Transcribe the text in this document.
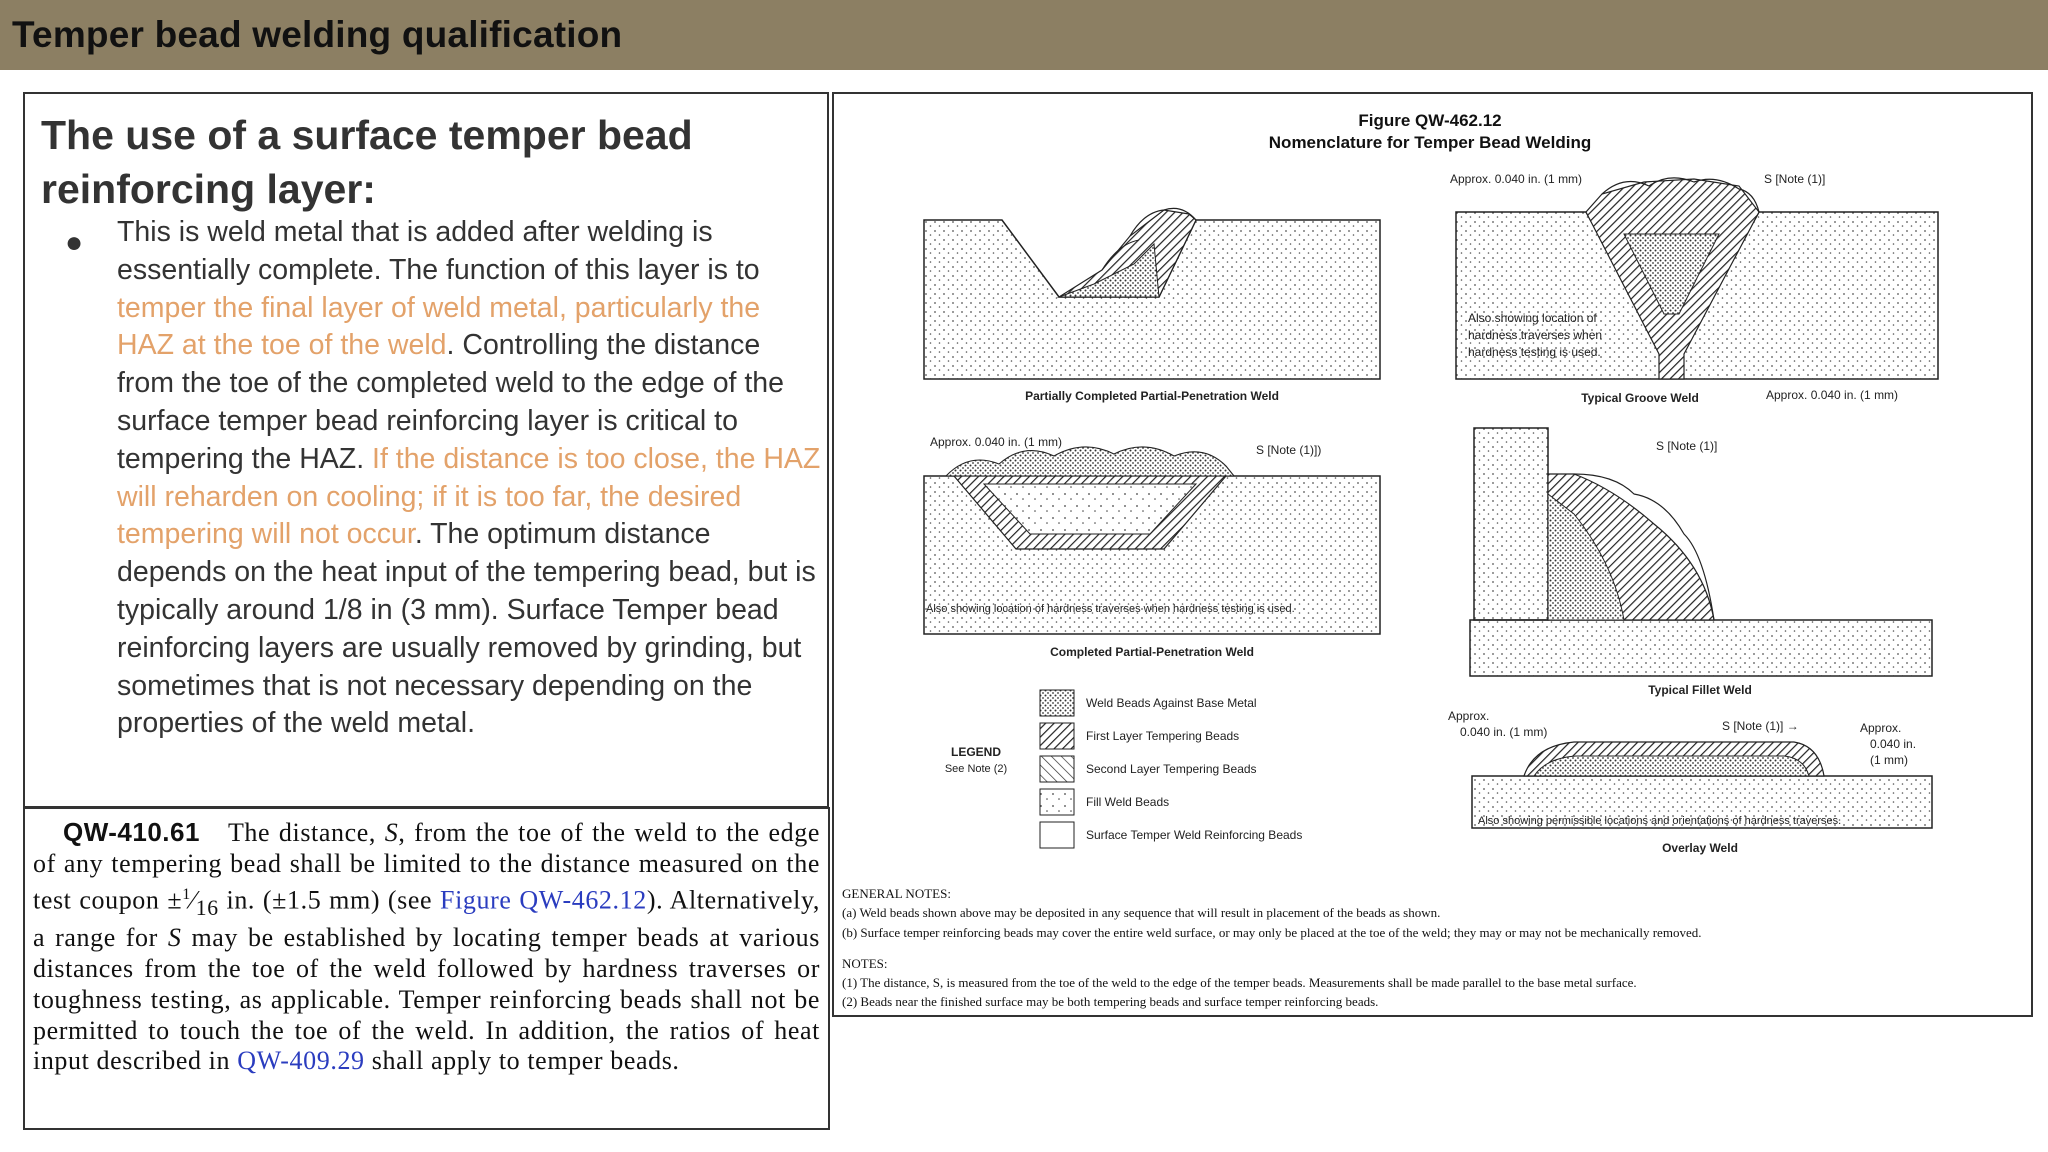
Temper bead welding qualification
The use of a surface temper bead reinforcing layer:
● This is weld metal that is added after welding is essentially complete. The function of this layer is to temper the final layer of weld metal, particularly the HAZ at the toe of the weld. Controlling the distance from the toe of the completed weld to the edge of the surface temper bead reinforcing layer is critical to tempering the HAZ. If the distance is too close, the HAZ will reharden on cooling; if it is too far, the desired tempering will not occur. The optimum distance depends on the heat input of the tempering bead, but is typically around 1/8 in (3 mm). Surface Temper bead reinforcing layers are usually removed by grinding, but sometimes that is not necessary depending on the properties of the weld metal.
QW-410.61 The distance, S, from the toe of the weld to the edge of any tempering bead shall be limited to the distance measured on the test coupon $\pm^1⁄_{16}$ in. (±1.5 mm) (see Figure QW-462.12). Alternatively, a range for S may be established by locating temper beads at various distances from the toe of the weld followed by hardness traverses or toughness testing, as applicable. Temper reinforcing beads shall not be permitted to touch the toe of the weld. In addition, the ratios of heat input described in QW-409.29 shall apply to temper beads.
Figure QW-462.12
Nomenclature for Temper Bead Welding
Partially Completed Partial-Penetration Weld
Approx. 0.040 in. (1 mm)	S [Note (1)]
Also showing location of
hardness traverses when
hardness testing is used.
Typical Groove Weld	Approx. 0.040 in. (1 mm)
Approx. 0.040 in. (1 mm)
S [Note (1)])
Also showing location of hardness traverses when hardness testing is used.
Completed Partial-Penetration Weld
S [Note (1)]
Typical Fillet Weld
LEGEND
See Note (2)
Weld Beads Against Base Metal
First Layer Tempering Beads
Second Layer Tempering Beads
Fill Weld Beads
Surface Temper Weld Reinforcing Beads
Approx.
0.040 in. (1 mm)	S [Note (1)] →	Approx.
0.040 in.
(1 mm)
Also showing permissible locations and orientations of hardness traverses.
Overlay Weld
GENERAL NOTES:
(a) Weld beads shown above may be deposited in any sequence that will result in placement of the beads as shown.
(b) Surface temper reinforcing beads may cover the entire weld surface, or may only be placed at the toe of the weld; they may or may not be mechanically removed.
NOTES:
(1) The distance, S, is measured from the toe of the weld to the edge of the temper beads. Measurements shall be made parallel to the base metal surface.
(2) Beads near the finished surface may be both tempering beads and surface temper reinforcing beads.
